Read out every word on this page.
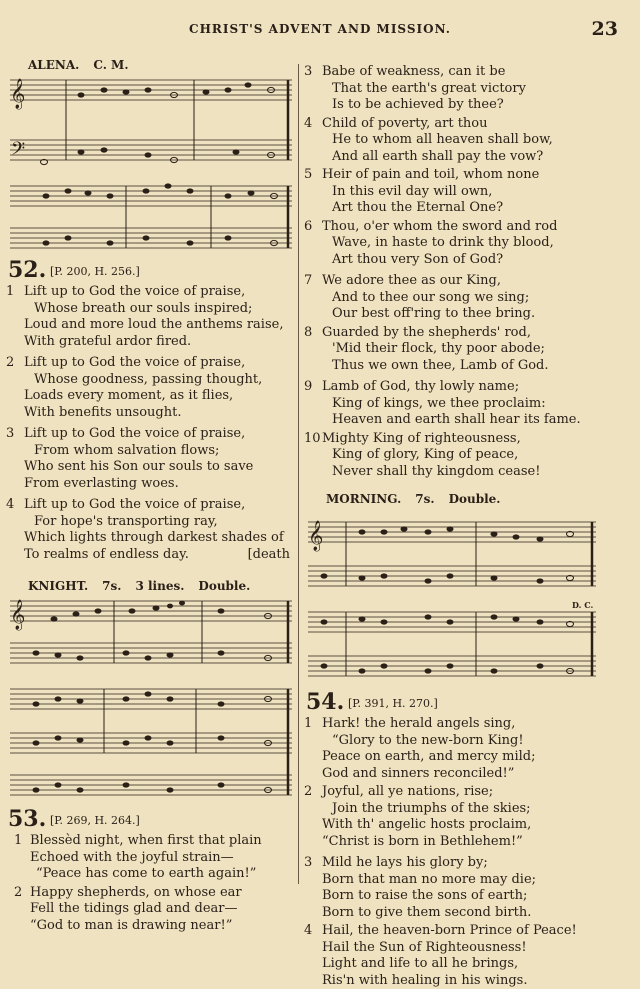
CHRIST'S ADVENT AND MISSION.	23
ALENA. C. M.
𝄞
𝄢
52. [P. 200, H. 256.]
1 Lift up to God the voice of praise,
Whose breath our souls inspired;
Loud and more loud the anthems raise,
With grateful ardor fired.
2 Lift up to God the voice of praise,
Whose goodness, passing thought,
Loads every moment, as it flies,
With benefits unsought.
3 Lift up to God the voice of praise,
From whom salvation flows;
Who sent his Son our souls to save
From everlasting woes.
4 Lift up to God the voice of praise,
For hope's transporting ray,
Which lights through darkest shades of
To realms of endless day.	[death
KNIGHT. 7s. 3 lines. Double.
𝄞
53. [P. 269, H. 264.]
1 Blessèd night, when first that plain
Echoed with the joyful strain—
“Peace has come to earth again!”
2 Happy shepherds, on whose ear
Fell the tidings glad and dear—
“God to man is drawing near!”
3 Babe of weakness, can it be
That the earth's great victory
Is to be achieved by thee?
4 Child of poverty, art thou
He to whom all heaven shall bow,
And all earth shall pay the vow?
5 Heir of pain and toil, whom none
In this evil day will own,
Art thou the Eternal One?
6 Thou, o'er whom the sword and rod
Wave, in haste to drink thy blood,
Art thou very Son of God?
7 We adore thee as our King,
And to thee our song we sing;
Our best off'ring to thee bring.
8 Guarded by the shepherds' rod,
'Mid their flock, thy poor abode;
Thus we own thee, Lamb of God.
9 Lamb of God, thy lowly name;
King of kings, we thee proclaim:
Heaven and earth shall hear its fame.
10 Mighty King of righteousness,
King of glory, King of peace,
Never shall thy kingdom cease!
MORNING. 7s. Double.
𝄞
D. C.
54. [P. 391, H. 270.]
1 Hark! the herald angels sing,
“Glory to the new-born King!
Peace on earth, and mercy mild;
God and sinners reconciled!”
2 Joyful, all ye nations, rise;
Join the triumphs of the skies;
With th' angelic hosts proclaim,
“Christ is born in Bethlehem!”
3 Mild he lays his glory by;
Born that man no more may die;
Born to raise the sons of earth;
Born to give them second birth.
4 Hail, the heaven-born Prince of Peace!
Hail the Sun of Righteousness!
Light and life to all he brings,
Ris'n with healing in his wings.
